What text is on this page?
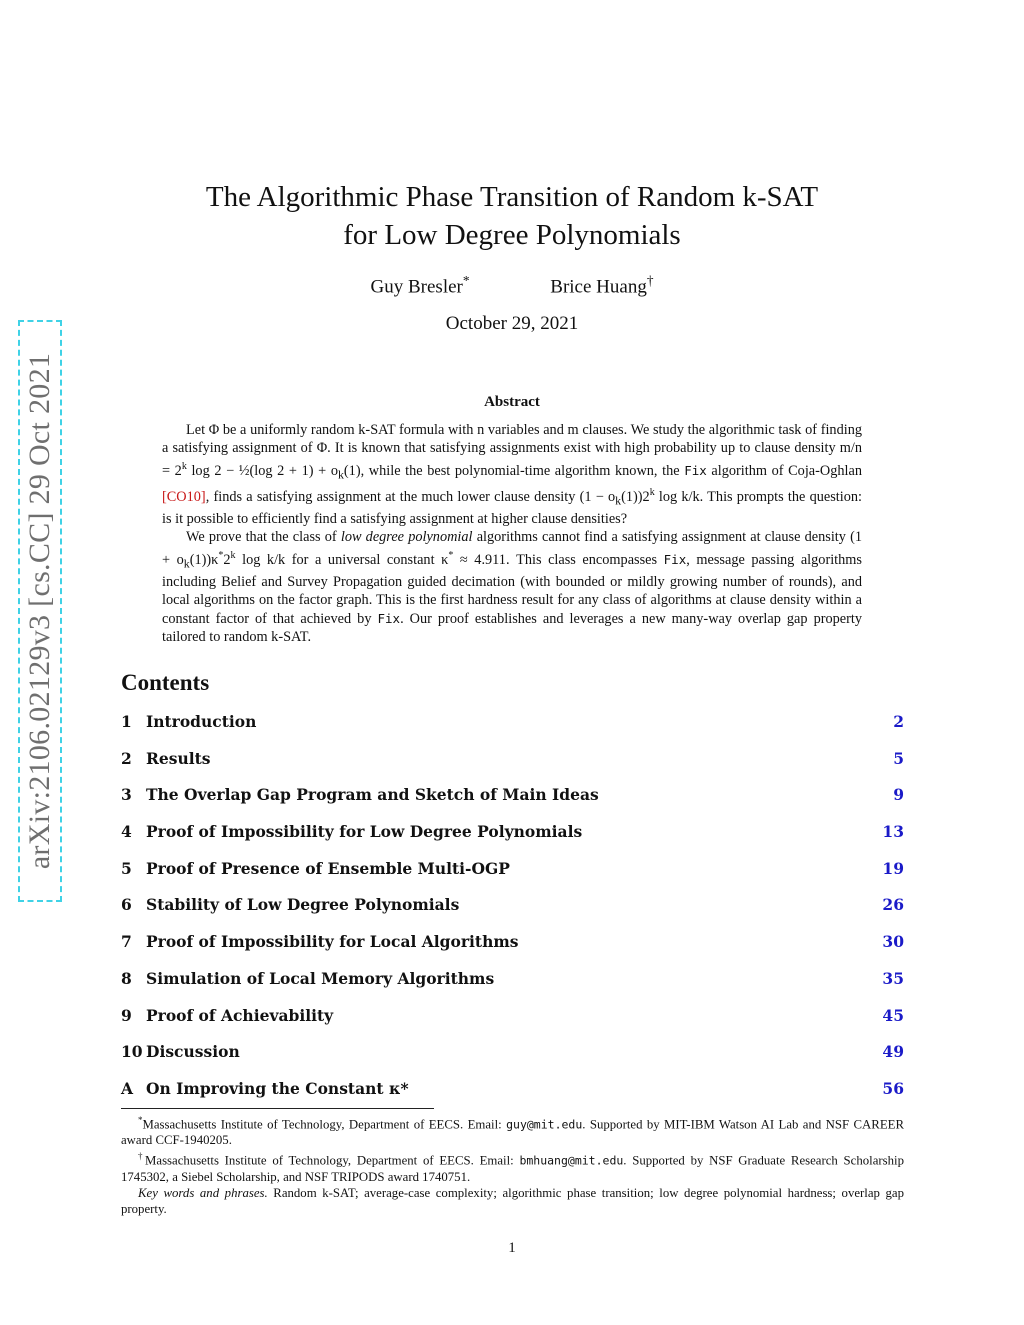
arXiv:2106.02129v3 [cs.CC] 29 Oct 2021
The Algorithmic Phase Transition of Random k-SAT
for Low Degree Polynomials
Guy Bresler*	Brice Huang†
October 29, 2021
Abstract

Let Φ be a uniformly random k-SAT formula with n variables and m clauses. We study the algorithmic task of finding a satisfying assignment of Φ. It is known that satisfying assignments exist with high probability up to clause density $m/n = 2^k$ log 2 − ½(log $2 + 1) + o_k(1)$, while the best polynomial-time algorithm known, the Fix algorithm of Coja-Oghlan [CO10], finds a satisfying assignment at the much lower clause density $(1 - o_k(1))2^k$ log k/k. This prompts the question: is it possible to efficiently find a satisfying assignment at higher clause densities?

We prove that the class of low degree polynomial algorithms cannot find a satisfying assignment at clause density $(1 + o_k(1))\kappa^*2^k$ log k/k for a universal constant κ* ≈ 4.911. This class encompasses Fix, message passing algorithms including Belief and Survey Propagation guided decimation (with bounded or mildly growing number of rounds), and local algorithms on the factor graph. This is the first hardness result for any class of algorithms at clause density within a constant factor of that achieved by Fix. Our proof establishes and leverages a new many-way overlap gap property tailored to random k-SAT.

Contents
1 Introduction	2
2 Results	5
3 The Overlap Gap Program and Sketch of Main Ideas	9
4 Proof of Impossibility for Low Degree Polynomials	13
5 Proof of Presence of Ensemble Multi-OGP	19
6 Stability of Low Degree Polynomials	26
7 Proof of Impossibility for Local Algorithms	30
8 Simulation of Local Memory Algorithms	35
9 Proof of Achievability	45
10 Discussion	49
A On Improving the Constant κ*	56

*Massachusetts Institute of Technology, Department of EECS. Email: guy@mit.edu. Supported by MIT-IBM Watson AI Lab and NSF CAREER award CCF-1940205.

†Massachusetts Institute of Technology, Department of EECS. Email: bmhuang@mit.edu. Supported by NSF Graduate Research Scholarship 1745302, a Siebel Scholarship, and NSF TRIPODS award 1740751.

Key words and phrases. Random k-SAT; average-case complexity; algorithmic phase transition; low degree polynomial hardness; overlap gap property.

1
